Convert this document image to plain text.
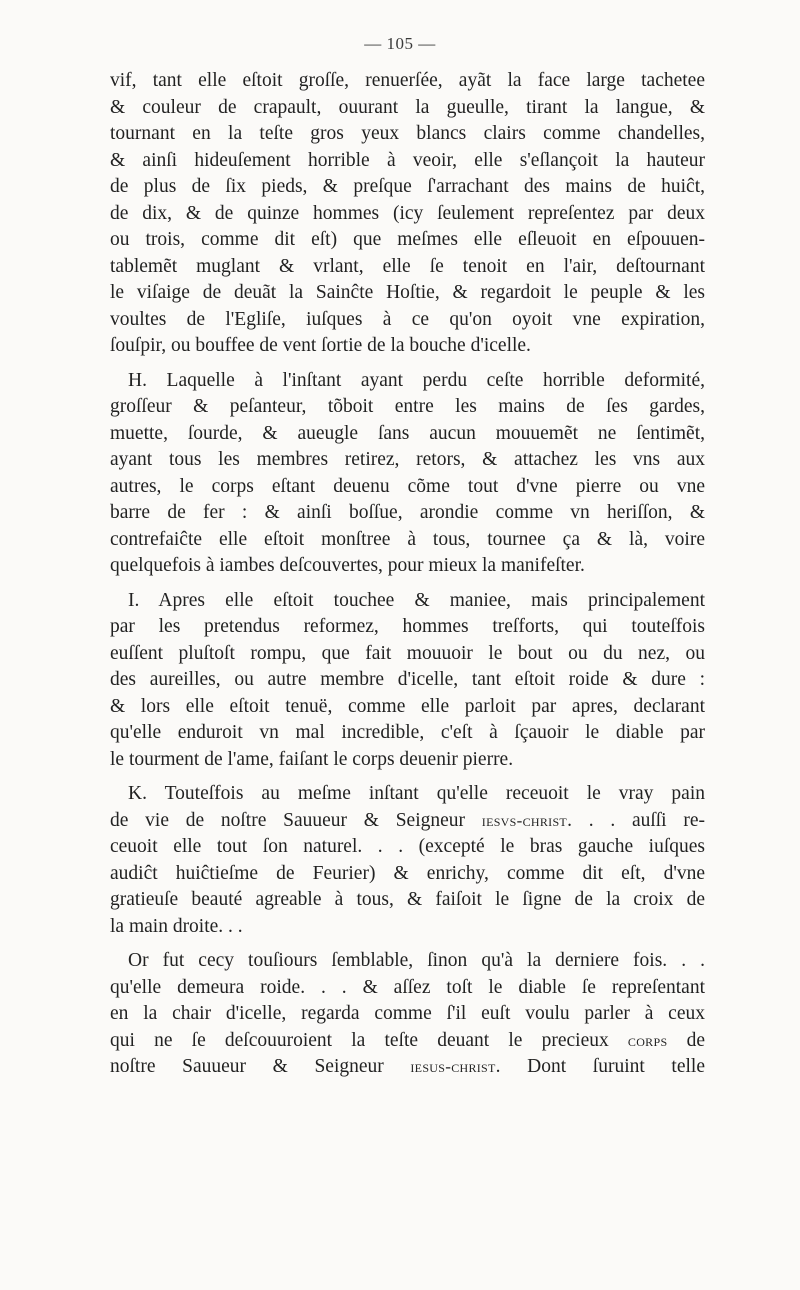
— 105 —
vif, tant elle eſtoit groſſe, renuerſée, ayãt la face large tachetee
& couleur de crapault, ouurant la gueulle, tirant la langue, &
tournant en la teſte gros yeux blancs clairs comme chandelles,
& ainſi hideuſement horrible à veoir, elle s'eſlançoit la hauteur
de plus de ſix pieds, & preſque ſ'arrachant des mains de huiĉt,
de dix, & de quinze hommes (icy ſeulement repreſentez par deux
ou trois, comme dit eſt) que meſmes elle eſleuoit en eſpouuen-
tablemẽt muglant & vrlant, elle ſe tenoit en l'air, deſtournant
le viſaige de deuãt la Sainĉte Hoſtie, & regardoit le peuple & les
voultes de l'Egliſe, iuſques à ce qu'on oyoit vne expiration,
ſouſpir, ou bouffee de vent ſortie de la bouche d'icelle.
H. Laquelle à l'inſtant ayant perdu ceſte horrible deformité,
groſſeur & peſanteur, tõboit entre les mains de ſes gardes,
muette, ſourde, & aueugle ſans aucun mouuemẽt ne ſentimẽt,
ayant tous les membres retirez, retors, & attachez les vns aux
autres, le corps eſtant deuenu cõme tout d'vne pierre ou vne
barre de fer : & ainſi boſſue, arondie comme vn heriſſon, &
contrefaiĉte elle eſtoit monſtree à tous, tournee ça & là, voire
quelquefois à iambes deſcouvertes, pour mieux la manifeſter.
I. Apres elle eſtoit touchee & maniee, mais principalement
par les pretendus reformez, hommes treſforts, qui touteſfois
euſſent pluſtoſt rompu, que fait mouuoir le bout ou du nez, ou
des aureilles, ou autre membre d'icelle, tant eſtoit roide & dure :
& lors elle eſtoit tenuë, comme elle parloit par apres, declarant
qu'elle enduroit vn mal incredible, c'eſt à ſçauoir le diable par
le tourment de l'ame, faiſant le corps deuenir pierre.
K. Touteſfois au meſme inſtant qu'elle receuoit le vray pain
de vie de noſtre Sauueur & Seigneur iesvs-christ. . . auſſi re-
ceuoit elle tout ſon naturel. . . (excepté le bras gauche iuſques
audiĉt huiĉtieſme de Feurier) & enrichy, comme dit eſt, d'vne
gratieuſe beauté agreable à tous, & faiſoit le ſigne de la croix de
la main droite. . .
Or fut cecy touſiours ſemblable, ſinon qu'à la derniere fois. . .
qu'elle demeura roide. . . & aſſez toſt le diable ſe repreſentant
en la chair d'icelle, regarda comme ſ'il euſt voulu parler à ceux
qui ne ſe deſcouuroient la teſte deuant le precieux corps de
noſtre Sauueur & Seigneur iesus-christ. Dont ſuruint telle
